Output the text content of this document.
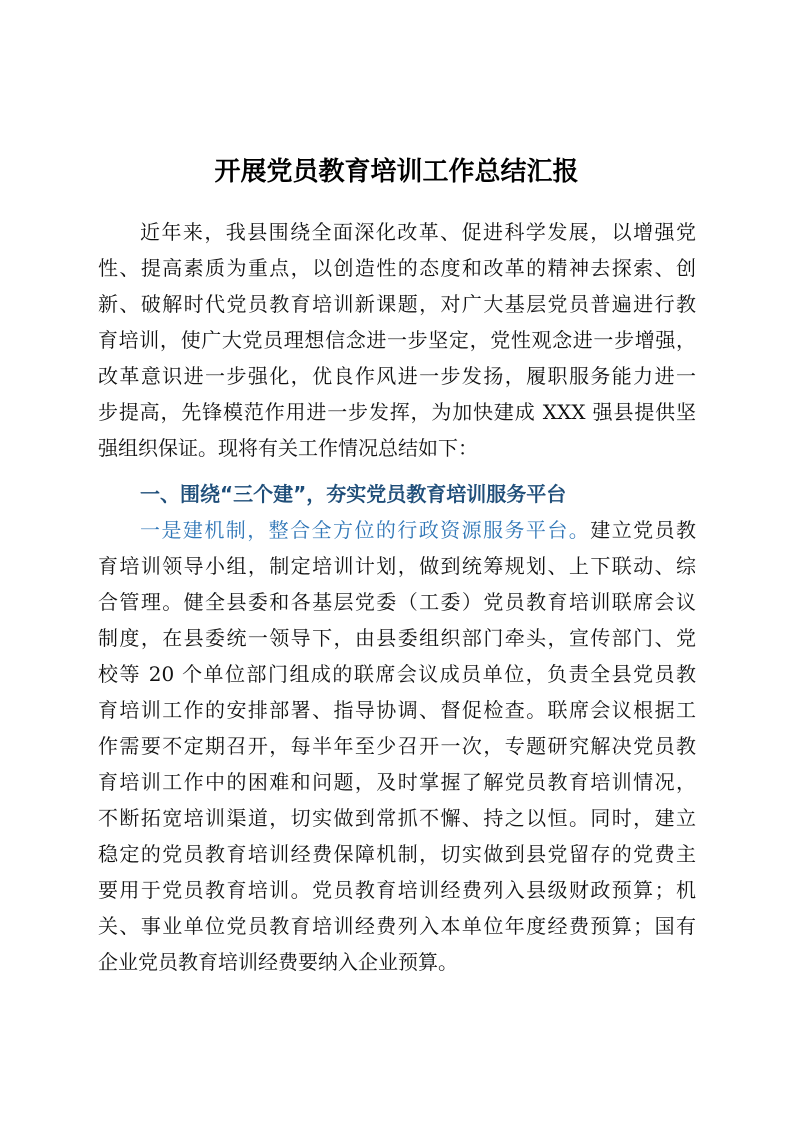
开展党员教育培训工作总结汇报

近年来，我县围绕全面深化改革、促进科学发展，以增强党

性、提高素质为重点，以创造性的态度和改革的精神去探索、创

新、破解时代党员教育培训新课题，对广大基层党员普遍进行教

育培训，使广大党员理想信念进一步坚定，党性观念进一步增强，

改革意识进一步强化，优良作风进一步发扬，履职服务能力进一

步提高，先锋模范作用进一步发挥，为加快建成 XXX 强县提供坚

强组织保证。现将有关工作情况总结如下：

一、围绕“三个建”，夯实党员教育培训服务平台

一是建机制，整合全方位的行政资源服务平台。建立党员教

育培训领导小组，制定培训计划，做到统筹规划、上下联动、综

合管理。健全县委和各基层党委（工委）党员教育培训联席会议

制度，在县委统一领导下，由县委组织部门牵头，宣传部门、党

校等 20 个单位部门组成的联席会议成员单位，负责全县党员教

育培训工作的安排部署、指导协调、督促检查。联席会议根据工

作需要不定期召开，每半年至少召开一次，专题研究解决党员教

育培训工作中的困难和问题，及时掌握了解党员教育培训情况，

不断拓宽培训渠道，切实做到常抓不懈、持之以恒。同时，建立

稳定的党员教育培训经费保障机制，切实做到县党留存的党费主

要用于党员教育培训。党员教育培训经费列入县级财政预算；机

关、事业单位党员教育培训经费列入本单位年度经费预算；国有

企业党员教育培训经费要纳入企业预算。
